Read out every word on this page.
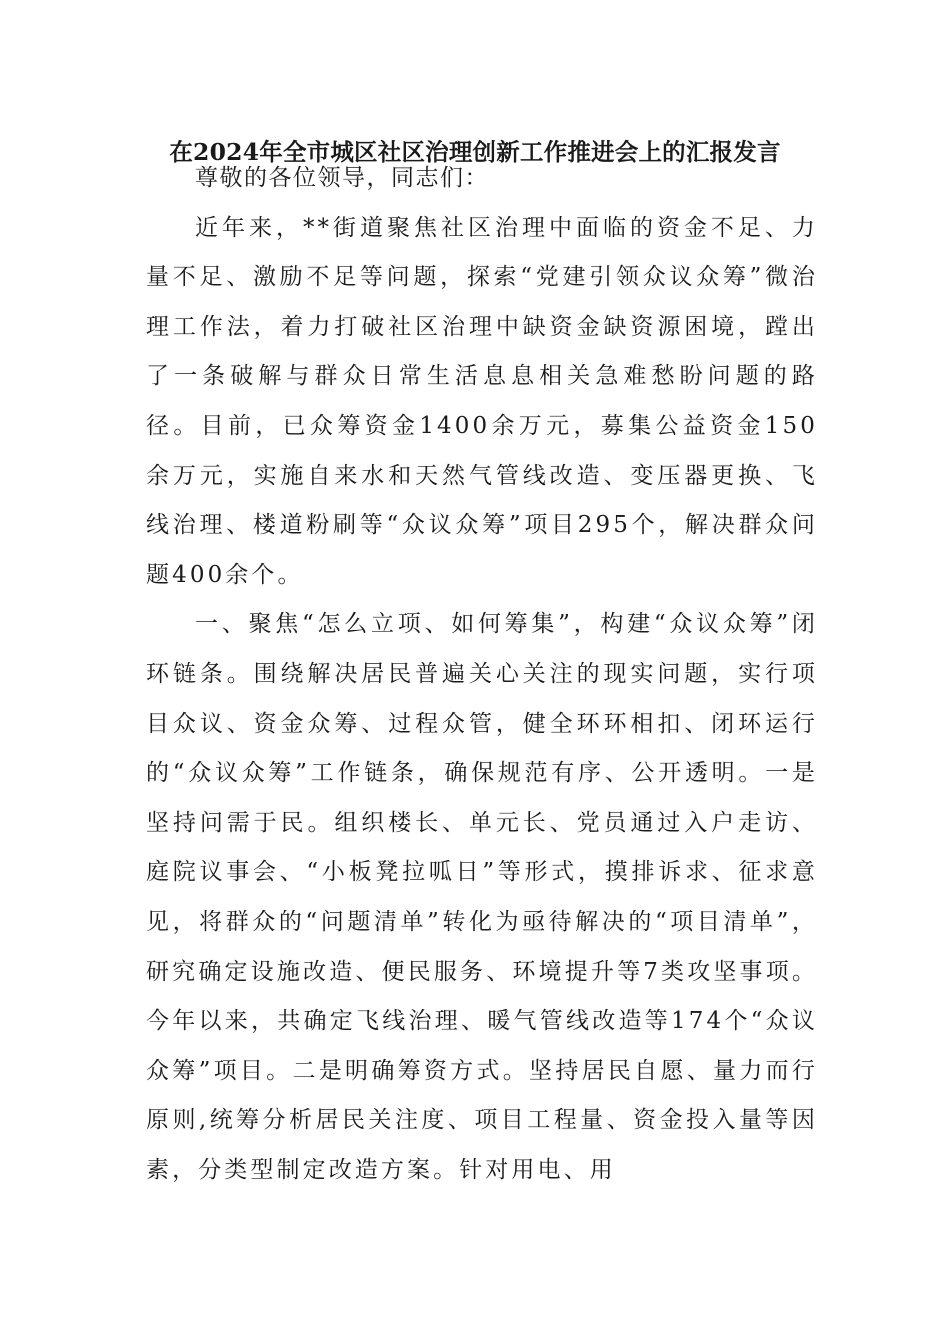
在2024年全市城区社区治理创新工作推进会上的汇报发言

尊敬的各位领导，同志们：

近年来，**街道聚焦社区治理中面临的资金不足、力量不足、激励不足等问题，探索“党建引领众议众筹”微治理工作法，着力打破社区治理中缺资金缺资源困境，蹚出了一条破解与群众日常生活息息相关急难愁盼问题的路径。目前，已众筹资金1400余万元，募集公益资金150余万元，实施自来水和天然气管线改造、变压器更换、飞线治理、楼道粉刷等“众议众筹”项目295个，解决群众问题400余个。

一、聚焦“怎么立项、如何筹集”，构建“众议众筹”闭环链条。围绕解决居民普遍关心关注的现实问题，实行项目众议、资金众筹、过程众管，健全环环相扣、闭环运行的“众议众筹”工作链条，确保规范有序、公开透明。一是坚持问需于民。组织楼长、单元长、党员通过入户走访、庭院议事会、“小板凳拉呱日”等形式，摸排诉求、征求意见，将群众的“问题清单”转化为亟待解决的“项目清单”，研究确定设施改造、便民服务、环境提升等7类攻坚事项。今年以来，共确定飞线治理、暖气管线改造等174个“众议众筹”项目。二是明确筹资方式。坚持居民自愿、量力而行原则,统筹分析居民关注度、项目工程量、资金投入量等因素，分类型制定改造方案。针对用电、用
